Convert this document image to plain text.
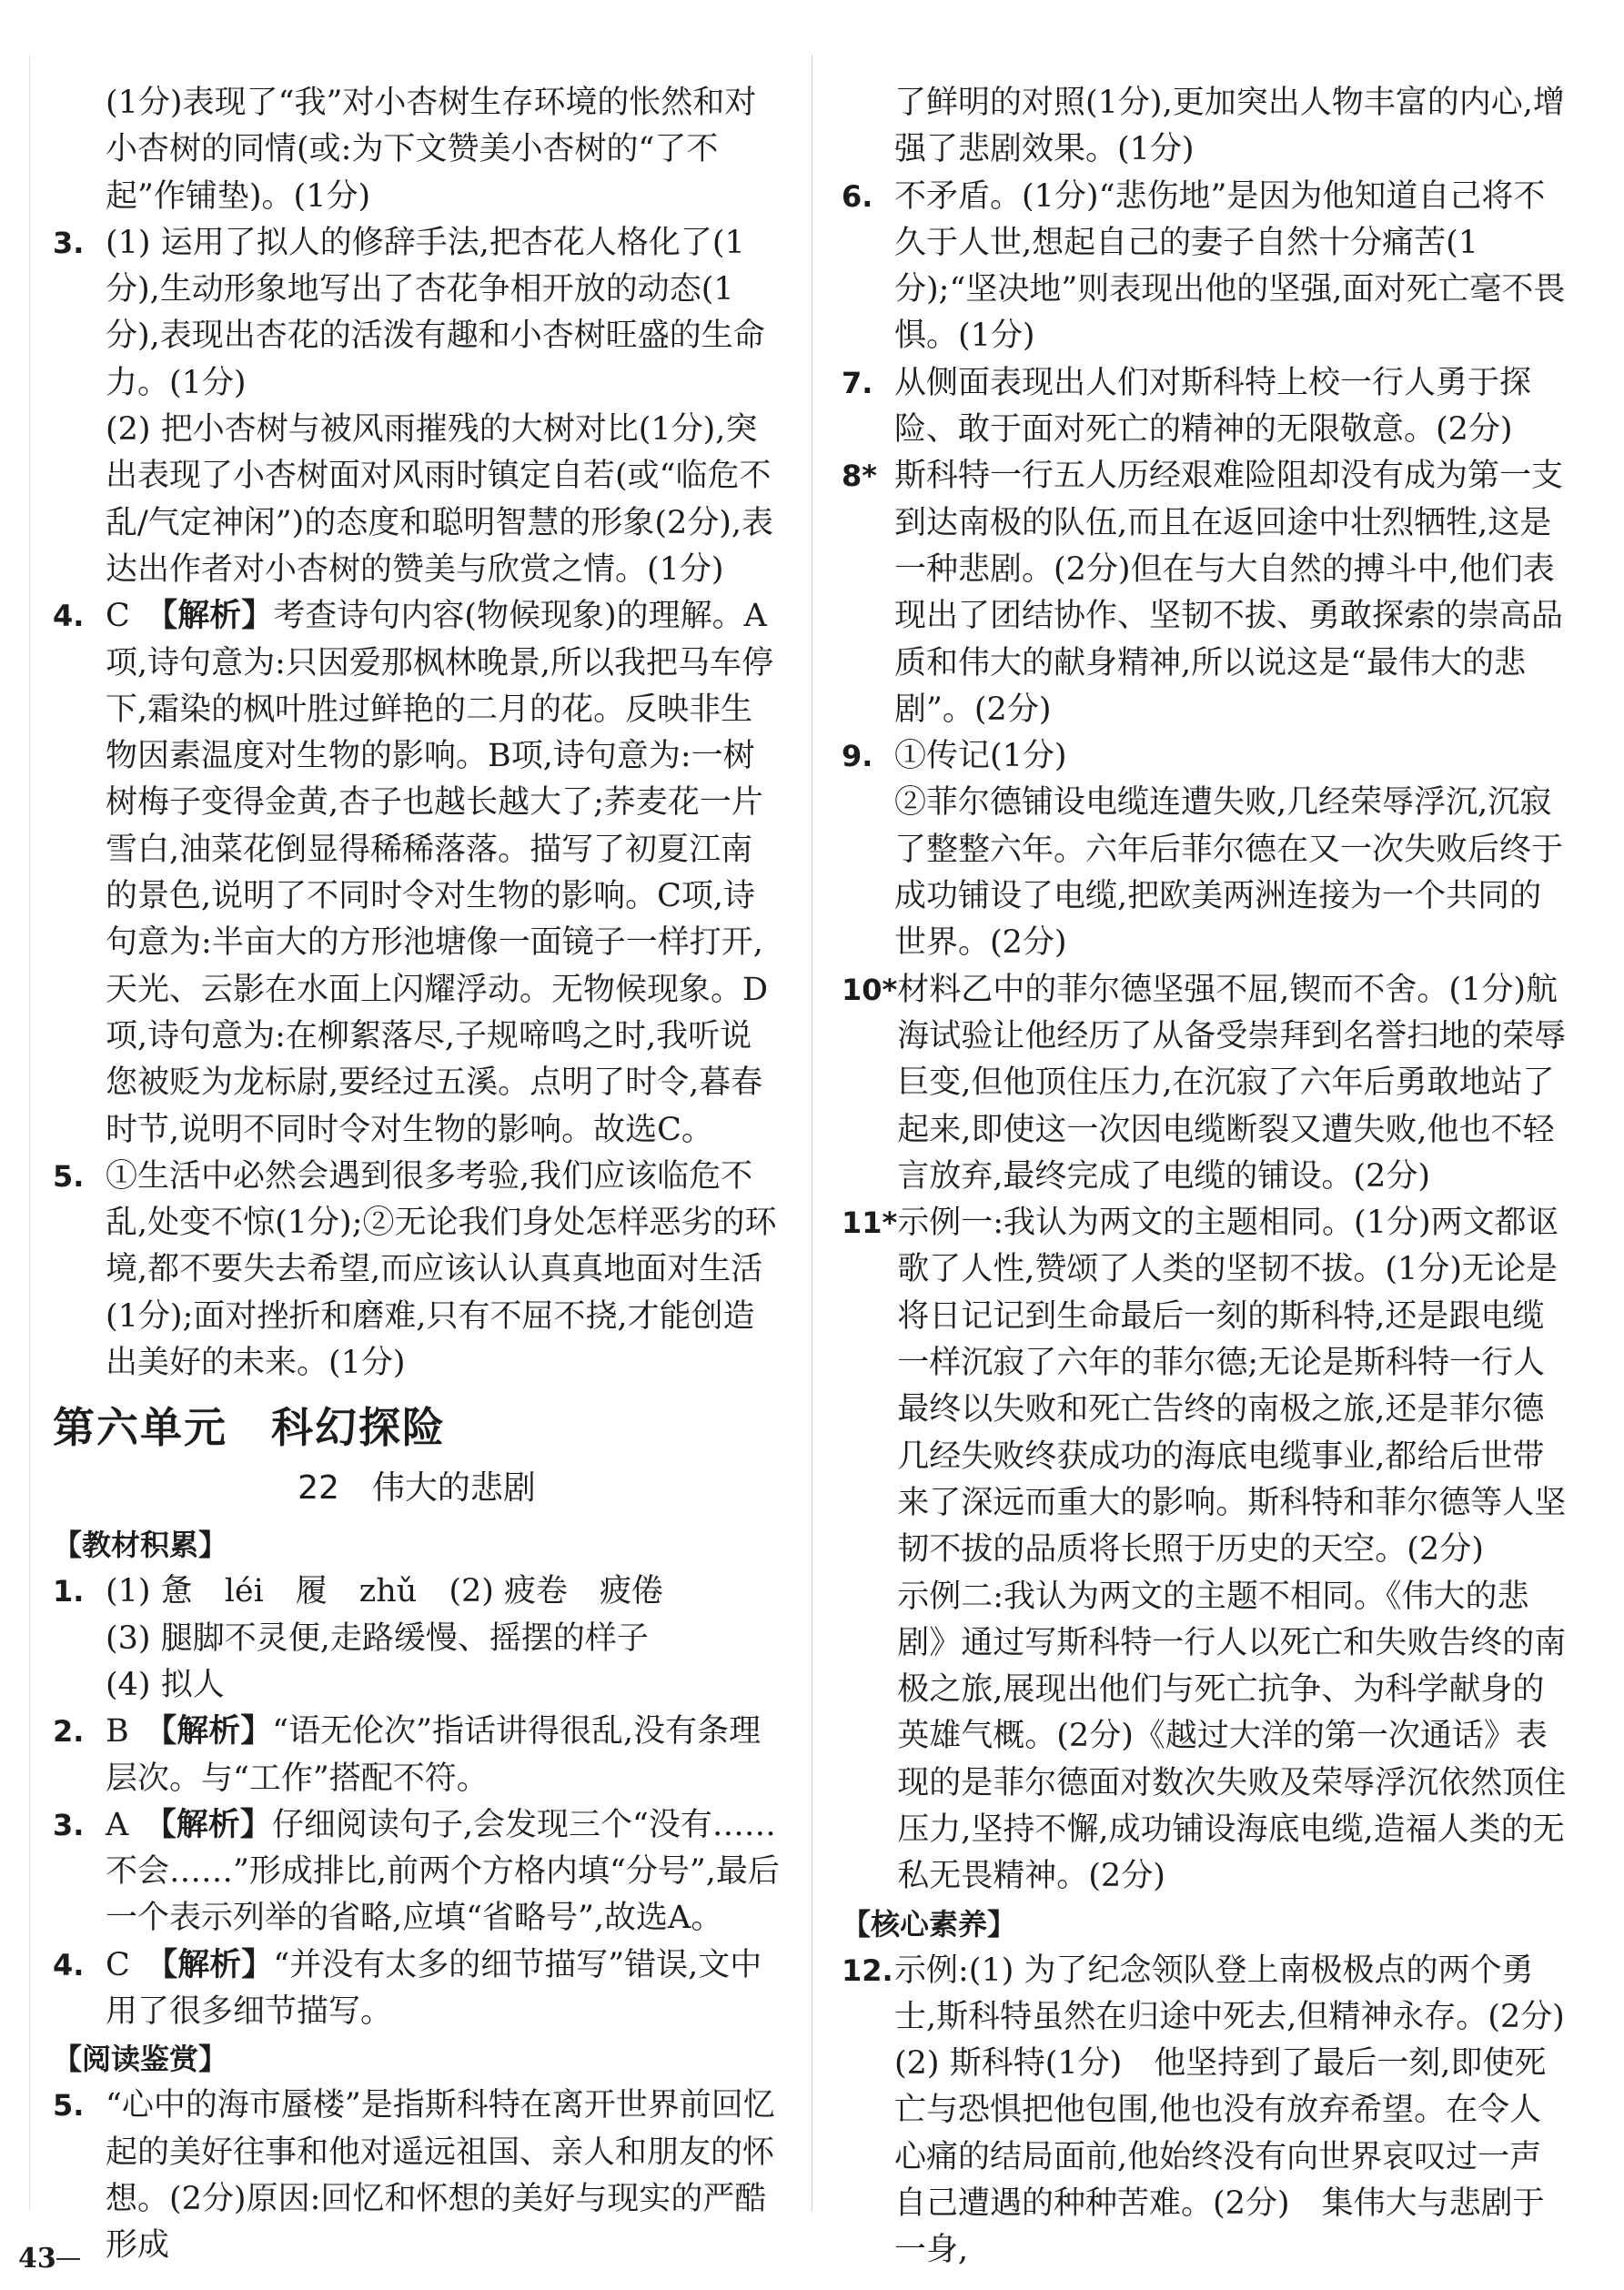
(1分)表现了“我”对小杏树生存环境的怅然和对小杏树的同情(或:为下文赞美小杏树的“了不起”作铺垫)。(1分)

3. (1) 运用了拟人的修辞手法,把杏花人格化了(1分),生动形象地写出了杏花争相开放的动态(1分),表现出杏花的活泼有趣和小杏树旺盛的生命力。(1分)

(2) 把小杏树与被风雨摧残的大树对比(1分),突出表现了小杏树面对风雨时镇定自若(或“临危不乱/气定神闲”)的态度和聪明智慧的形象(2分),表达出作者对小杏树的赞美与欣赏之情。(1分)

4. C　 【解析】考查诗句内容(物候现象)的理解。A项,诗句意为:只因爱那枫林晚景,所以我把马车停下,霜染的枫叶胜过鲜艳的二月的花。反映非生物因素温度对生物的影响。B项,诗句意为:一树树梅子变得金黄,杏子也越长越大了;荞麦花一片雪白,油菜花倒显得稀稀落落。描写了初夏江南的景色,说明了不同时令对生物的影响。C项,诗句意为:半亩大的方形池塘像一面镜子一样打开,天光、云影在水面上闪耀浮动。无物候现象。D项,诗句意为:在柳絮落尽,子规啼鸣之时,我听说您被贬为龙标尉,要经过五溪。点明了时令,暮春时节,说明不同时令对生物的影响。故选C。

5. ①生活中必然会遇到很多考验,我们应该临危不乱,处变不惊(1分);②无论我们身处怎样恶劣的环境,都不要失去希望,而应该认认真真地面对生活(1分);面对挫折和磨难,只有不屈不挠,才能创造出美好的未来。(1分)

第六单元　科幻探险
22　伟大的悲剧
【教材积累】
1. (1) 惫　léi　履　zhǔ　(2) 疲卷　疲倦

(3) 腿脚不灵便,走路缓慢、摇摆的样子

(4) 拟人

2. B　 【解析】“语无伦次”指话讲得很乱,没有条理层次。与“工作”搭配不符。

3. A　 【解析】仔细阅读句子,会发现三个“没有……不会……”形成排比,前两个方格内填“分号”,最后一个表示列举的省略,应填“省略号”,故选A。

4. C　 【解析】“并没有太多的细节描写”错误,文中用了很多细节描写。

【阅读鉴赏】
5. “心中的海市蜃楼”是指斯科特在离开世界前回忆起的美好往事和他对遥远祖国、亲人和朋友的怀想。(2分)原因:回忆和怀想的美好与现实的严酷形成

了鲜明的对照(1分),更加突出人物丰富的内心,增强了悲剧效果。(1分)

6. 不矛盾。(1分)“悲伤地”是因为他知道自己将不久于人世,想起自己的妻子自然十分痛苦(1分);“坚决地”则表现出他的坚强,面对死亡毫不畏惧。(1分)

7. 从侧面表现出人们对斯科特上校一行人勇于探险、敢于面对死亡的精神的无限敬意。(2分)

8* 斯科特一行五人历经艰难险阻却没有成为第一支到达南极的队伍,而且在返回途中壮烈牺牲,这是一种悲剧。(2分)但在与大自然的搏斗中,他们表现出了团结协作、坚韧不拔、勇敢探索的崇高品质和伟大的献身精神,所以说这是“最伟大的悲剧”。(2分)

9. ①传记(1分)

②菲尔德铺设电缆连遭失败,几经荣辱浮沉,沉寂了整整六年。六年后菲尔德在又一次失败后终于成功铺设了电缆,把欧美两洲连接为一个共同的世界。(2分)

10* 材料乙中的菲尔德坚强不屈,锲而不舍。(1分)航海试验让他经历了从备受崇拜到名誉扫地的荣辱巨变,但他顶住压力,在沉寂了六年后勇敢地站了起来,即使这一次因电缆断裂又遭失败,他也不轻言放弃,最终完成了电缆的铺设。(2分)

11* 示例一:我认为两文的主题相同。(1分)两文都讴歌了人性,赞颂了人类的坚韧不拔。(1分)无论是将日记记到生命最后一刻的斯科特,还是跟电缆一样沉寂了六年的菲尔德;无论是斯科特一行人最终以失败和死亡告终的南极之旅,还是菲尔德几经失败终获成功的海底电缆事业,都给后世带来了深远而重大的影响。斯科特和菲尔德等人坚韧不拔的品质将长照于历史的天空。(2分)

示例二:我认为两文的主题不相同。《伟大的悲剧》通过写斯科特一行人以死亡和失败告终的南极之旅,展现出他们与死亡抗争、为科学献身的英雄气概。(2分)《越过大洋的第一次通话》表现的是菲尔德面对数次失败及荣辱浮沉依然顶住压力,坚持不懈,成功铺设海底电缆,造福人类的无私无畏精神。(2分)

【核心素养】
12. 示例:(1) 为了纪念领队登上南极极点的两个勇士,斯科特虽然在归途中死去,但精神永存。(2分)

(2) 斯科特(1分)　他坚持到了最后一刻,即使死亡与恐惧把他包围,他也没有放弃希望。在令人心痛的结局面前,他始终没有向世界哀叹过一声自己遭遇的种种苦难。(2分)　集伟大与悲剧于一身,

43
